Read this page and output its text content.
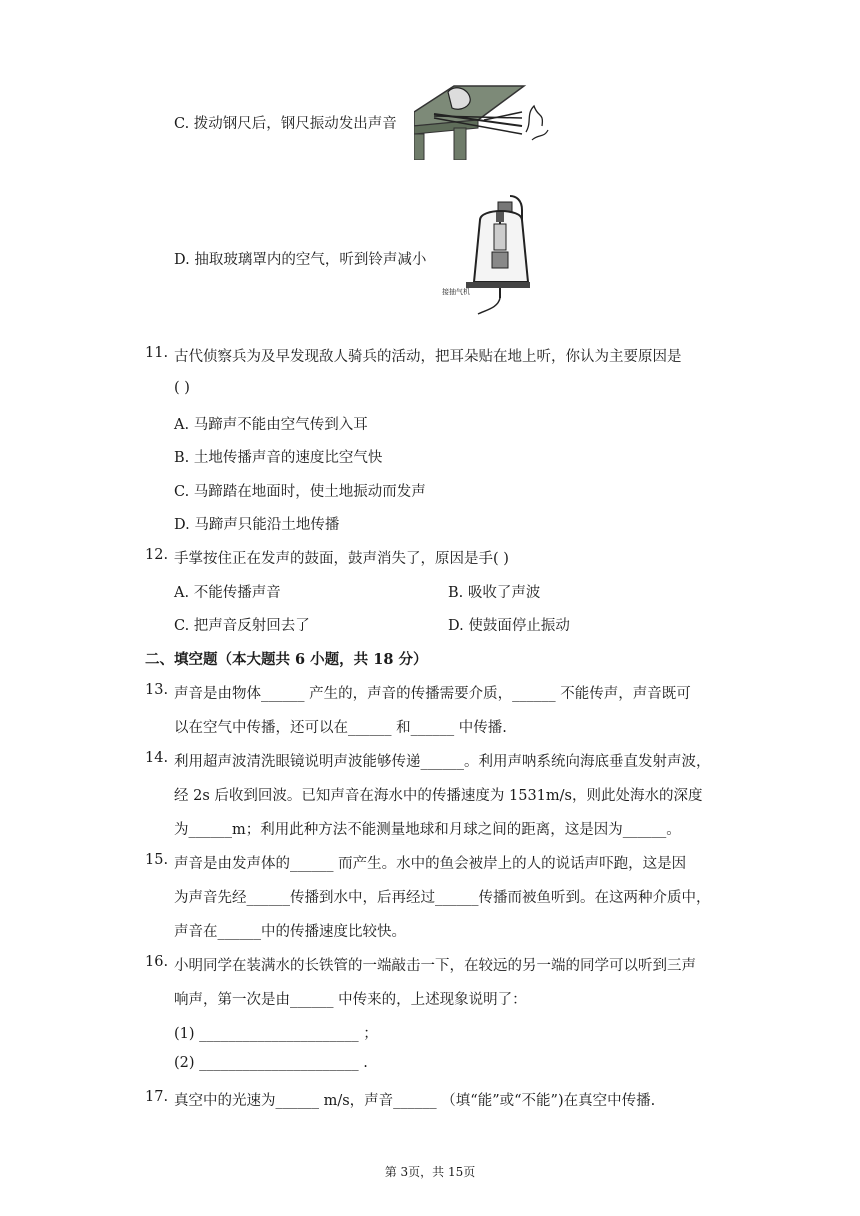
C. 拨动钢尺后，钢尺振动发出声音
D. 抽取玻璃罩内的空气，听到铃声减小
接抽气机
11. 古代侦察兵为及早发现敌人骑兵的活动，把耳朵贴在地上听，你认为主要原因是
( )
A. 马蹄声不能由空气传到入耳
B. 土地传播声音的速度比空气快
C. 马蹄踏在地面时，使土地振动而发声
D. 马蹄声只能沿土地传播
12. 手掌按住正在发声的鼓面，鼓声消失了，原因是手( )
A. 不能传播声音	B. 吸收了声波
C. 把声音反射回去了	D. 使鼓面停止振动
二、填空题（本大题共 6 小题，共 18 分）
13. 声音是由物体______ 产生的，声音的传播需要介质，______ 不能传声，声音既可
以在空气中传播，还可以在______ 和______ 中传播.
14. 利用超声波清洗眼镜说明声波能够传递______。利用声呐系统向海底垂直发射声波，
经 2s 后收到回波。已知声音在海水中的传播速度为 1531m/s，则此处海水的深度
为______m；利用此种方法不能测量地球和月球之间的距离，这是因为______。
15. 声音是由发声体的______ 而产生。水中的鱼会被岸上的人的说话声吓跑，这是因
为声音先经______传播到水中，后再经过______传播而被鱼听到。在这两种介质中，
声音在______中的传播速度比较快。
16. 小明同学在装满水的长铁管的一端敲击一下，在较远的另一端的同学可以听到三声
响声，第一次是由______ 中传来的，上述现象说明了：
(1) ______________________ ；
(2) ______________________ .
17. 真空中的光速为______ m/s，声音______ （填“能”或“不能”)在真空中传播.
第 3页，共 15页
